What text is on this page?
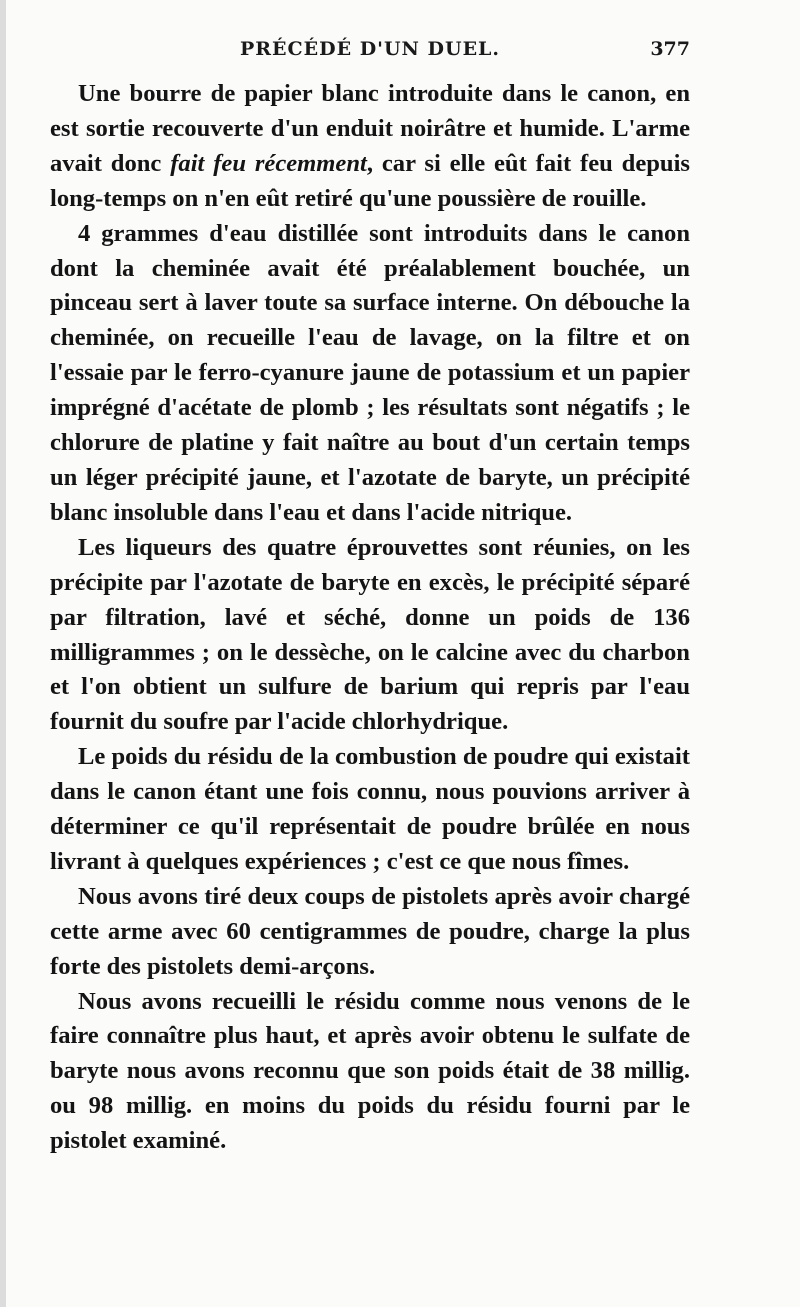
PRÉCÉDÉ D'UN DUEL.	377

Une bourre de papier blanc introduite dans le canon, en est sortie recouverte d'un enduit noirâtre et humide. L'arme avait donc fait feu récemment, car si elle eût fait feu depuis long-temps on n'en eût retiré qu'une poussière de rouille.

4 grammes d'eau distillée sont introduits dans le canon dont la cheminée avait été préalablement bouchée, un pinceau sert à laver toute sa surface interne. On débouche la cheminée, on recueille l'eau de lavage, on la filtre et on l'essaie par le ferro-cyanure jaune de potassium et un papier imprégné d'acétate de plomb ; les résultats sont négatifs ; le chlorure de platine y fait naître au bout d'un certain temps un léger précipité jaune, et l'azotate de baryte, un précipité blanc insoluble dans l'eau et dans l'acide nitrique.

Les liqueurs des quatre éprouvettes sont réunies, on les précipite par l'azotate de baryte en excès, le précipité séparé par filtration, lavé et séché, donne un poids de 136 milligrammes ; on le dessèche, on le calcine avec du charbon et l'on obtient un sulfure de barium qui repris par l'eau fournit du soufre par l'acide chlorhydrique.

Le poids du résidu de la combustion de poudre qui existait dans le canon étant une fois connu, nous pouvions arriver à déterminer ce qu'il représentait de poudre brûlée en nous livrant à quelques expériences ; c'est ce que nous fîmes.

Nous avons tiré deux coups de pistolets après avoir chargé cette arme avec 60 centigrammes de poudre, charge la plus forte des pistolets demi-arçons.

Nous avons recueilli le résidu comme nous venons de le faire connaître plus haut, et après avoir obtenu le sulfate de baryte nous avons reconnu que son poids était de 38 millig. ou 98 millig. en moins du poids du résidu fourni par le pistolet examiné.
